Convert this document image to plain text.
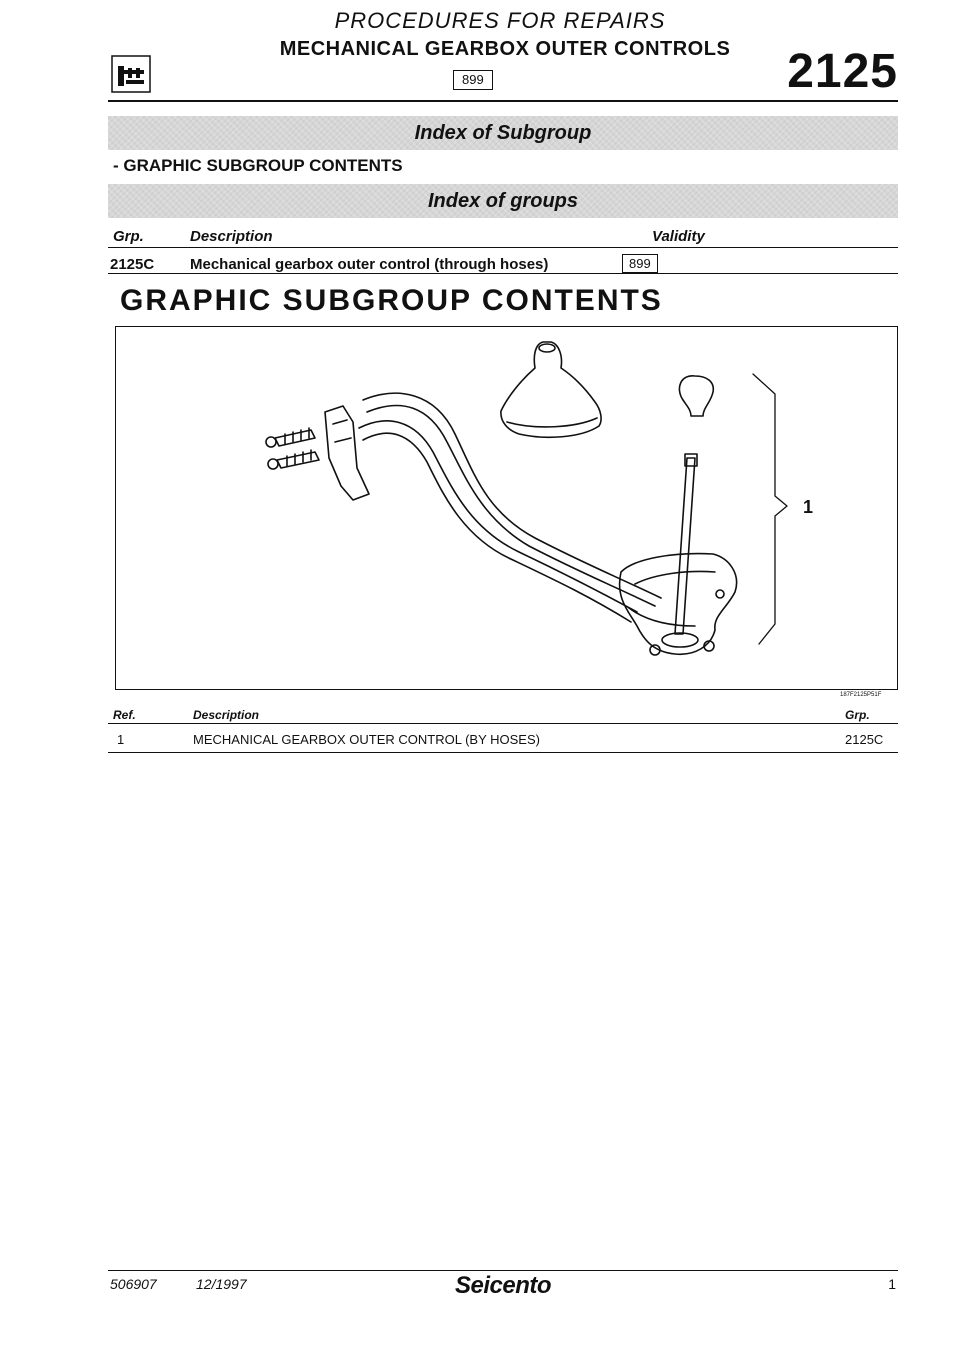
PROCEDURES FOR REPAIRS
MECHANICAL GEARBOX OUTER CONTROLS
899	2125
Index of Subgroup
- GRAPHIC SUBGROUP CONTENTS
Index of groups
Grp.	Description	Validity
2125C Mechanical gearbox outer control (through hoses)	899
GRAPHIC SUBGROUP CONTENTS
1
187F2125P51F
Ref.	Description	Grp.
1	MECHANICAL GEARBOX OUTER CONTROL (BY HOSES)	2125C
506907	12/1997	Seicento	1
